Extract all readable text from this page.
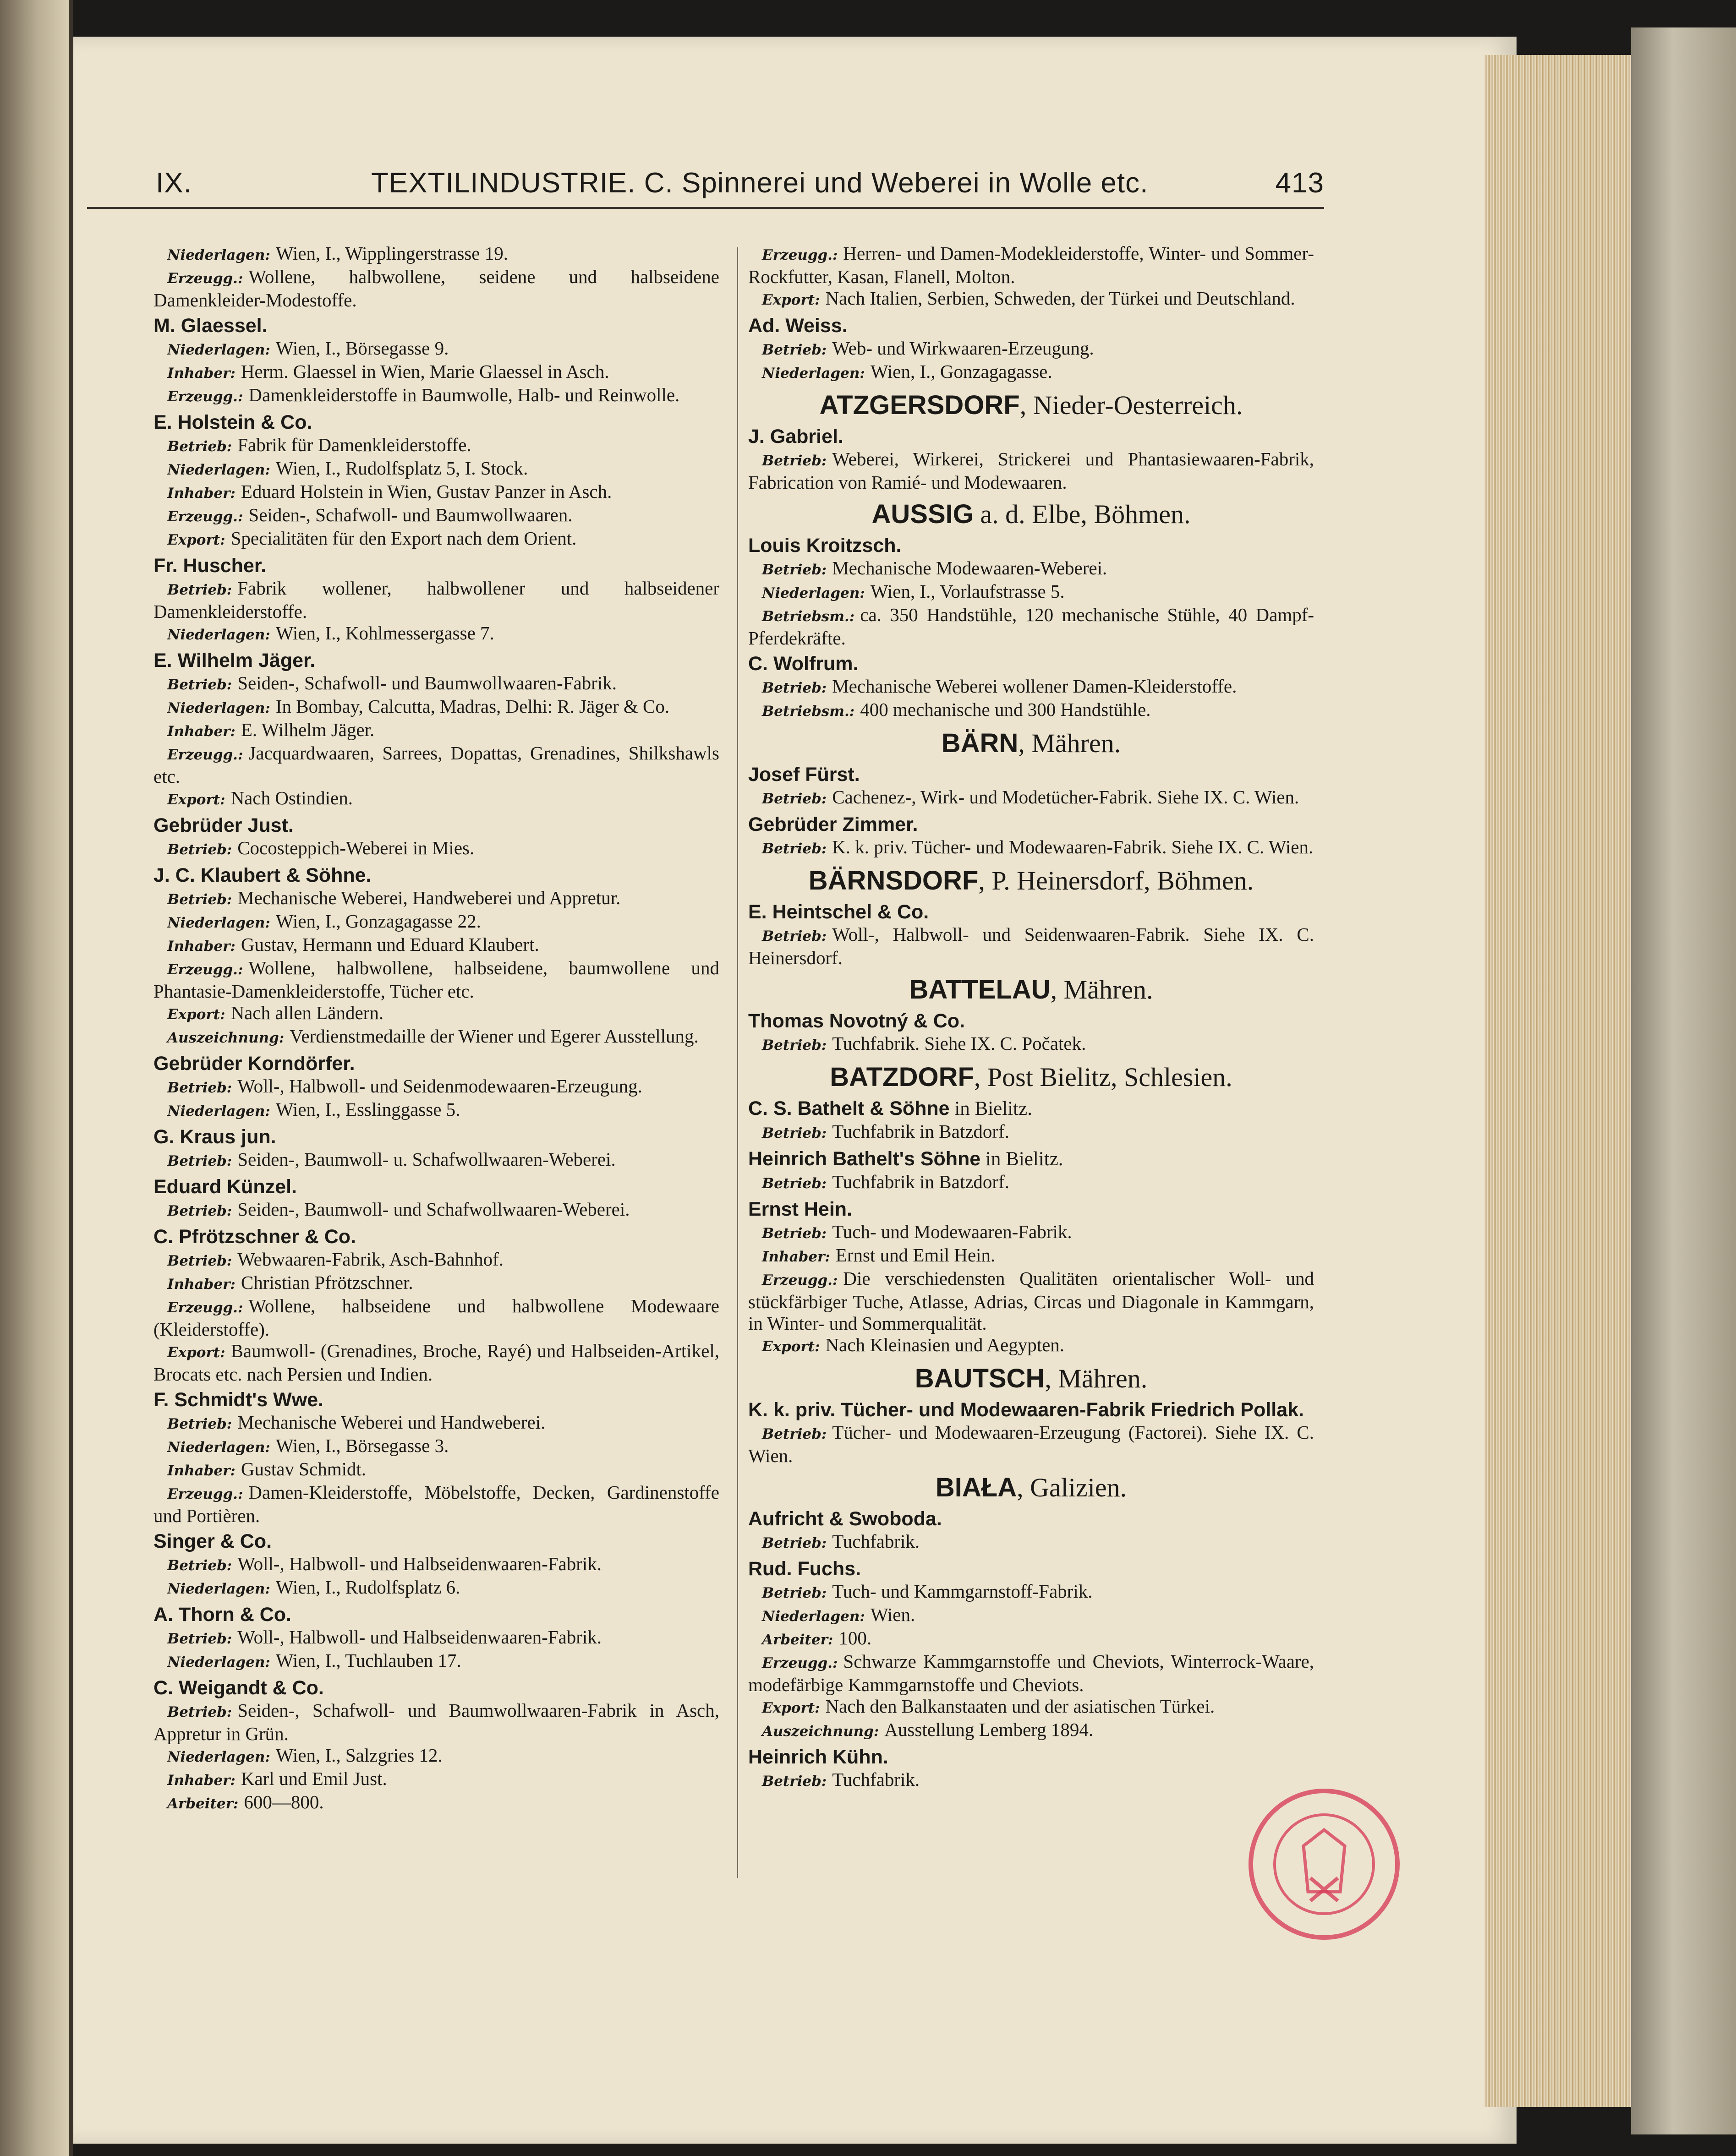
IX.	TEXTILINDUSTRIE. C. Spinnerei und Weberei in Wolle etc.	413

Niederlagen: Wien, I., Wipplingerstrasse 19.

Erzeugg.: Wollene, halbwollene, seidene und halbseidene Damenkleider-Modestoffe.

M. Glaessel.

Niederlagen: Wien, I., Börsegasse 9.

Inhaber: Herm. Glaessel in Wien, Marie Glaessel in Asch.

Erzeugg.: Damenkleiderstoffe in Baumwolle, Halb- und Reinwolle.

E. Holstein & Co.

Betrieb: Fabrik für Damenkleiderstoffe.

Niederlagen: Wien, I., Rudolfsplatz 5, I. Stock.

Inhaber: Eduard Holstein in Wien, Gustav Panzer in Asch.

Erzeugg.: Seiden-, Schafwoll- und Baumwollwaaren.

Export: Specialitäten für den Export nach dem Orient.

Fr. Huscher.

Betrieb: Fabrik wollener, halbwollener und halbseidener Damenkleiderstoffe.

Niederlagen: Wien, I., Kohlmessergasse 7.

E. Wilhelm Jäger.

Betrieb: Seiden-, Schafwoll- und Baumwollwaaren-Fabrik.

Niederlagen: In Bombay, Calcutta, Madras, Delhi: R. Jäger & Co.

Inhaber: E. Wilhelm Jäger.

Erzeugg.: Jacquardwaaren, Sarrees, Dopattas, Grenadines, Shilkshawls etc.

Export: Nach Ostindien.

Gebrüder Just.

Betrieb: Cocosteppich-Weberei in Mies.

J. C. Klaubert & Söhne.

Betrieb: Mechanische Weberei, Handweberei und Appretur.

Niederlagen: Wien, I., Gonzagagasse 22.

Inhaber: Gustav, Hermann und Eduard Klaubert.

Erzeugg.: Wollene, halbwollene, halbseidene, baumwollene und Phantasie-Damenkleiderstoffe, Tücher etc.

Export: Nach allen Ländern.

Auszeichnung: Verdienstmedaille der Wiener und Egerer Ausstellung.

Gebrüder Korndörfer.

Betrieb: Woll-, Halbwoll- und Seidenmodewaaren-Erzeugung.

Niederlagen: Wien, I., Esslinggasse 5.

G. Kraus jun.

Betrieb: Seiden-, Baumwoll- u. Schafwollwaaren-Weberei.

Eduard Künzel.

Betrieb: Seiden-, Baumwoll- und Schafwollwaaren-Weberei.

C. Pfrötzschner & Co.

Betrieb: Webwaaren-Fabrik, Asch-Bahnhof.

Inhaber: Christian Pfrötzschner.

Erzeugg.: Wollene, halbseidene und halbwollene Modewaare (Kleiderstoffe).

Export: Baumwoll- (Grenadines, Broche, Rayé) und Halbseiden-Artikel, Brocats etc. nach Persien und Indien.

F. Schmidt's Wwe.

Betrieb: Mechanische Weberei und Handweberei.

Niederlagen: Wien, I., Börsegasse 3.

Inhaber: Gustav Schmidt.

Erzeugg.: Damen-Kleiderstoffe, Möbelstoffe, Decken, Gardinenstoffe und Portièren.

Singer & Co.

Betrieb: Woll-, Halbwoll- und Halbseidenwaaren-Fabrik.

Niederlagen: Wien, I., Rudolfsplatz 6.

A. Thorn & Co.

Betrieb: Woll-, Halbwoll- und Halbseidenwaaren-Fabrik.

Niederlagen: Wien, I., Tuchlauben 17.

C. Weigandt & Co.

Betrieb: Seiden-, Schafwoll- und Baumwollwaaren-Fabrik in Asch, Appretur in Grün.

Niederlagen: Wien, I., Salzgries 12.

Inhaber: Karl und Emil Just.

Arbeiter: 600—800.

Erzeugg.: Herren- und Damen-Modekleiderstoffe, Winter- und Sommer-Rockfutter, Kasan, Flanell, Molton.

Export: Nach Italien, Serbien, Schweden, der Türkei und Deutschland.

Ad. Weiss.

Betrieb: Web- und Wirkwaaren-Erzeugung.

Niederlagen: Wien, I., Gonzagagasse.

ATZGERSDORF, Nieder-Oesterreich.
J. Gabriel.

Betrieb: Weberei, Wirkerei, Strickerei und Phantasiewaaren-Fabrik, Fabrication von Ramié- und Modewaaren.

AUSSIG a. d. Elbe, Böhmen.
Louis Kroitzsch.

Betrieb: Mechanische Modewaaren-Weberei.

Niederlagen: Wien, I., Vorlaufstrasse 5.

Betriebsm.: ca. 350 Handstühle, 120 mechanische Stühle, 40 Dampf-Pferdekräfte.

C. Wolfrum.

Betrieb: Mechanische Weberei wollener Damen-Kleiderstoffe.

Betriebsm.: 400 mechanische und 300 Handstühle.

BÄRN, Mähren.
Josef Fürst.

Betrieb: Cachenez-, Wirk- und Modetücher-Fabrik. Siehe IX. C. Wien.

Gebrüder Zimmer.

Betrieb: K. k. priv. Tücher- und Modewaaren-Fabrik. Siehe IX. C. Wien.

BÄRNSDORF, P. Heinersdorf, Böhmen.
E. Heintschel & Co.

Betrieb: Woll-, Halbwoll- und Seidenwaaren-Fabrik. Siehe IX. C. Heinersdorf.

BATTELAU, Mähren.
Thomas Novotný & Co.

Betrieb: Tuchfabrik. Siehe IX. C. Počatek.

BATZDORF, Post Bielitz, Schlesien.
C. S. Bathelt & Söhne in Bielitz.

Betrieb: Tuchfabrik in Batzdorf.

Heinrich Bathelt's Söhne in Bielitz.

Betrieb: Tuchfabrik in Batzdorf.

Ernst Hein.

Betrieb: Tuch- und Modewaaren-Fabrik.

Inhaber: Ernst und Emil Hein.

Erzeugg.: Die verschiedensten Qualitäten orientalischer Woll- und stückfärbiger Tuche, Atlasse, Adrias, Circas und Diagonale in Kammgarn, in Winter- und Sommerqualität.

Export: Nach Kleinasien und Aegypten.

BAUTSCH, Mähren.
K. k. priv. Tücher- und Modewaaren-Fabrik Friedrich Pollak.

Betrieb: Tücher- und Modewaaren-Erzeugung (Factorei). Siehe IX. C. Wien.

BIAŁA, Galizien.
Aufricht & Swoboda.

Betrieb: Tuchfabrik.

Rud. Fuchs.

Betrieb: Tuch- und Kammgarnstoff-Fabrik.

Niederlagen: Wien.

Arbeiter: 100.

Erzeugg.: Schwarze Kammgarnstoffe und Cheviots, Winterrock-Waare, modefärbige Kammgarnstoffe und Cheviots.

Export: Nach den Balkanstaaten und der asiatischen Türkei.

Auszeichnung: Ausstellung Lemberg 1894.

Heinrich Kühn.

Betrieb: Tuchfabrik.
